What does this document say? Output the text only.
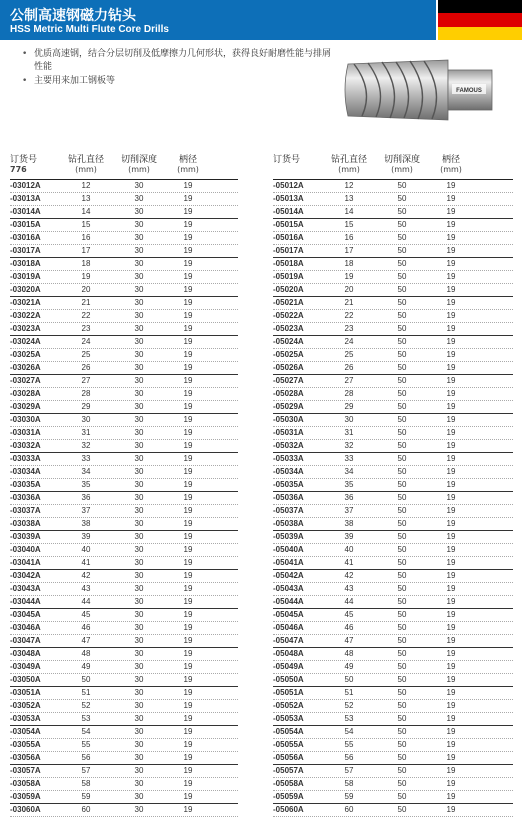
公制高速钢磁力钻头
HSS Metric Multi Flute Core Drills
• 优质高速钢，结合分层切削及低摩擦力几何形状，获得良好耐磨性能与排屑性能
• 主要用来加工钢板等
FAMOUS
订货号
776
钻孔直径
(mm)
切削深度
(mm)
柄径
(mm)
-03012A	12	30	19
-03013A	13	30	19
-03014A	14	30	19
-03015A	15	30	19
-03016A	16	30	19
-03017A	17	30	19
-03018A	18	30	19
-03019A	19	30	19
-03020A	20	30	19
-03021A	21	30	19
-03022A	22	30	19
-03023A	23	30	19
-03024A	24	30	19
-03025A	25	30	19
-03026A	26	30	19
-03027A	27	30	19
-03028A	28	30	19
-03029A	29	30	19
-03030A	30	30	19
-03031A	31	30	19
-03032A	32	30	19
-03033A	33	30	19
-03034A	34	30	19
-03035A	35	30	19
-03036A	36	30	19
-03037A	37	30	19
-03038A	38	30	19
-03039A	39	30	19
-03040A	40	30	19
-03041A	41	30	19
-03042A	42	30	19
-03043A	43	30	19
-03044A	44	30	19
-03045A	45	30	19
-03046A	46	30	19
-03047A	47	30	19
-03048A	48	30	19
-03049A	49	30	19
-03050A	50	30	19
-03051A	51	30	19
-03052A	52	30	19
-03053A	53	30	19
-03054A	54	30	19
-03055A	55	30	19
-03056A	56	30	19
-03057A	57	30	19
-03058A	58	30	19
-03059A	59	30	19
-03060A	60	30	19
订货号	钻孔直径
(mm)
切削深度
(mm)
柄径
(mm)
-05012A	12	50	19
-05013A	13	50	19
-05014A	14	50	19
-05015A	15	50	19
-05016A	16	50	19
-05017A	17	50	19
-05018A	18	50	19
-05019A	19	50	19
-05020A	20	50	19
-05021A	21	50	19
-05022A	22	50	19
-05023A	23	50	19
-05024A	24	50	19
-05025A	25	50	19
-05026A	26	50	19
-05027A	27	50	19
-05028A	28	50	19
-05029A	29	50	19
-05030A	30	50	19
-05031A	31	50	19
-05032A	32	50	19
-05033A	33	50	19
-05034A	34	50	19
-05035A	35	50	19
-05036A	36	50	19
-05037A	37	50	19
-05038A	38	50	19
-05039A	39	50	19
-05040A	40	50	19
-05041A	41	50	19
-05042A	42	50	19
-05043A	43	50	19
-05044A	44	50	19
-05045A	45	50	19
-05046A	46	50	19
-05047A	47	50	19
-05048A	48	50	19
-05049A	49	50	19
-05050A	50	50	19
-05051A	51	50	19
-05052A	52	50	19
-05053A	53	50	19
-05054A	54	50	19
-05055A	55	50	19
-05056A	56	50	19
-05057A	57	50	19
-05058A	58	50	19
-05059A	59	50	19
-05060A	60	50	19
